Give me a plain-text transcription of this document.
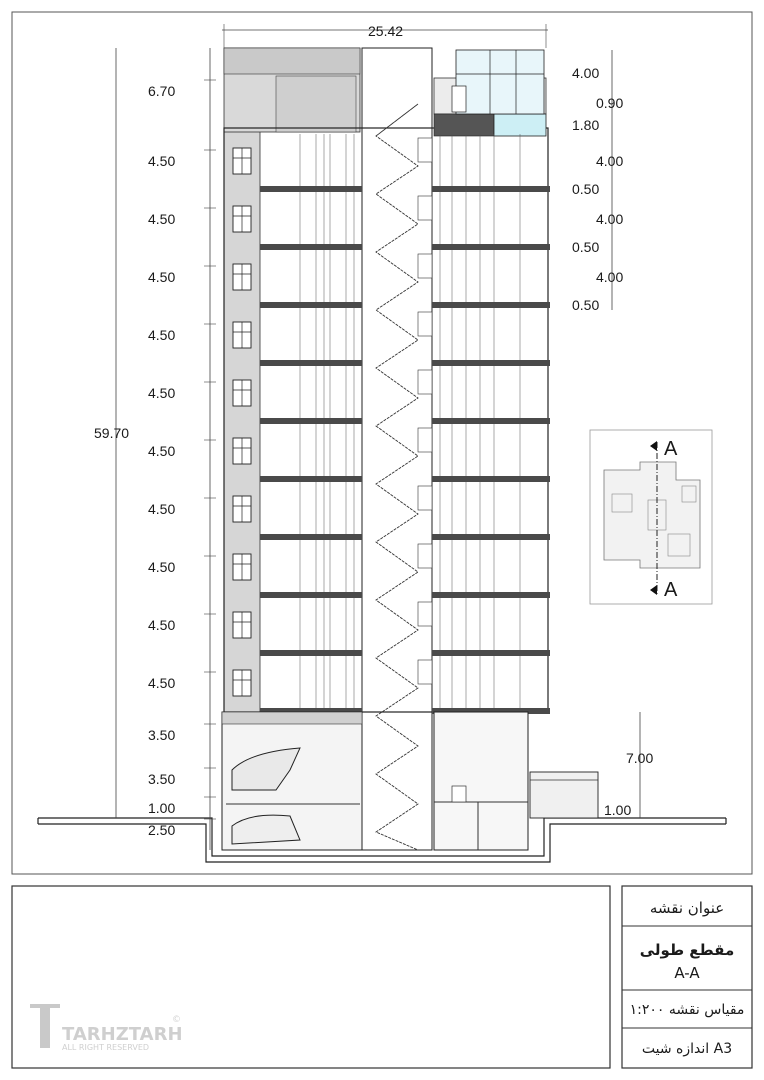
25.42
59.70
6.70
4.50
4.50
4.50
4.50
4.50
4.50
4.50
4.50
4.50
4.50
3.50
3.50
1.00
2.50
4.00
0.90
1.80
4.00
0.50
4.00
0.50
4.00
0.50
7.00
1.00
A
A
عنوان نقشه
مقطع طولی
A-A
مقیاس نقشه ۱:۲۰۰
اندازه شیت A3
TARHZTARH
ALL RIGHT RESERVED
©
